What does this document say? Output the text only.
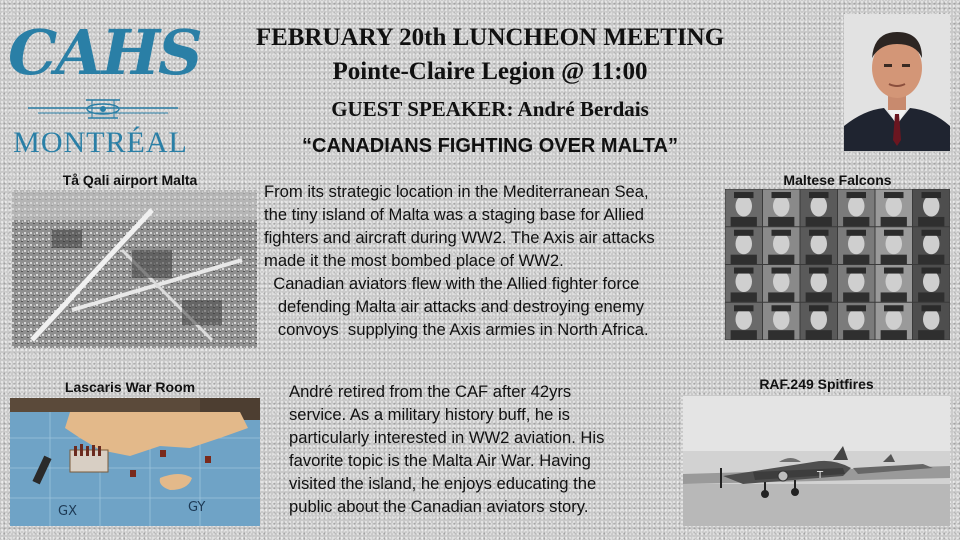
CAHS
MONTRÉAL
FEBRUARY 20th LUNCHEON MEETING
Pointe-Claire Legion @ 11:00
GUEST SPEAKER: André Berdais
“CANADIANS FIGHTING OVER MALTA”
Tå Qali airport Malta	Maltese Falcons
Lascaris War Room	RAF.249 Spitfires
From its strategic location in the Mediterranean Sea,
the tiny island of Malta was a staging base for Allied
fighters and aircraft during WW2. The Axis air attacks
made it the most bombed place of WW2.
Canadian aviators flew with the Allied fighter force
defending Malta air attacks and destroying enemy
convoys  supplying the Axis armies in North Africa.
GX	GY
André retired from the CAF after 42yrs
service. As a military history buff, he is
particularly interested in WW2 aviation. His
favorite topic is the Malta Air War. Having
visited the island, he enjoys educating the
public about the Canadian aviators story.
T
